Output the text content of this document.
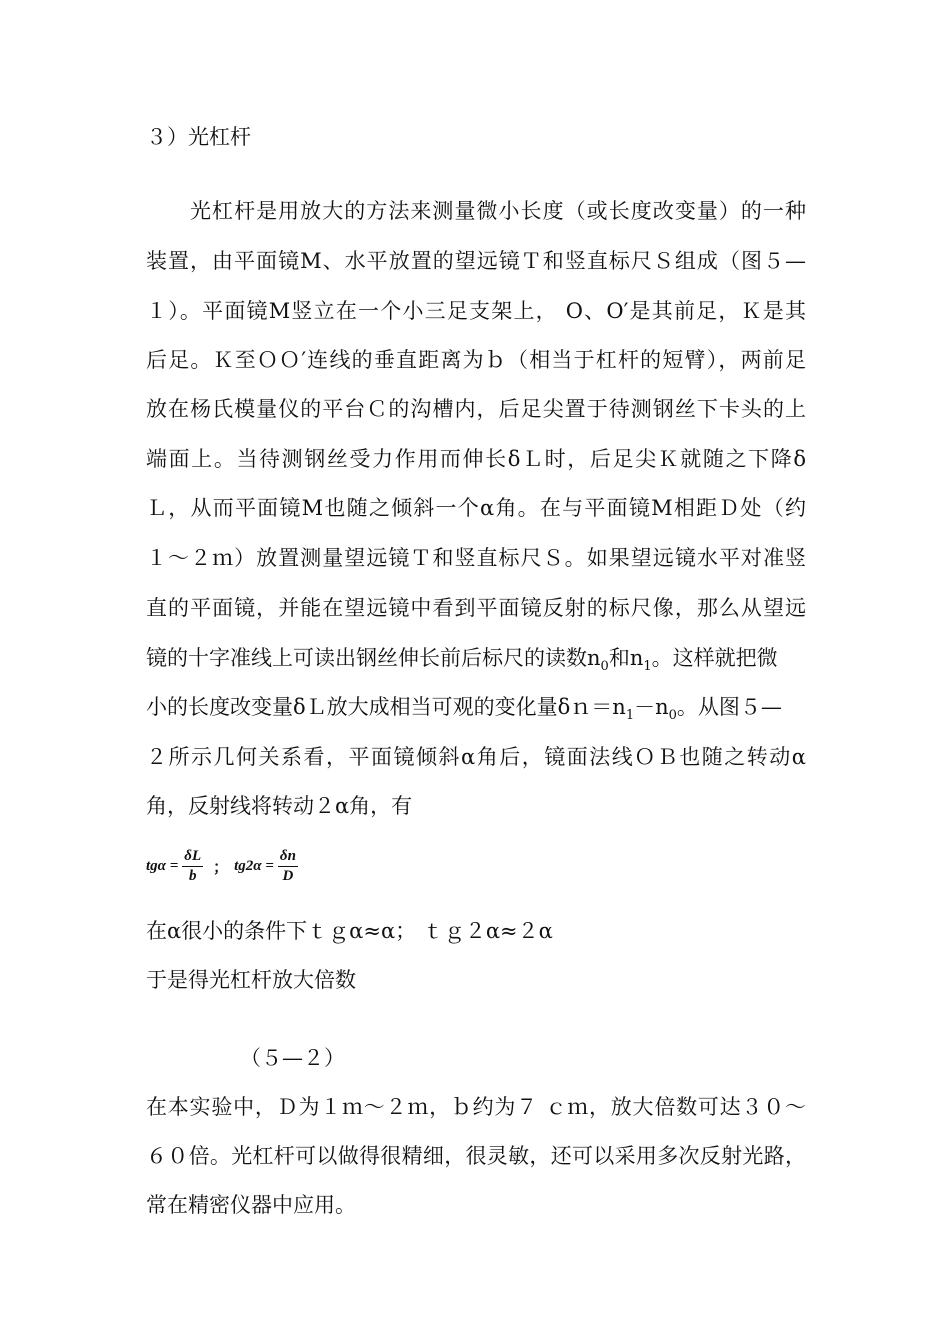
３）光杠杆
光杠杆是用放大的方法来测量微小长度（或长度改变量）的一种
装置，由平面镜M、水平放置的望远镜Ｔ和竖直标尺Ｓ组成（图５—
１）。平面镜M竖立在一个小三足支架上， O、O′是其前足，Ｋ是其
后足。Ｋ至ＯＯ′连线的垂直距离为ｂ（相当于杠杆的短臂），两前足
放在杨氏模量仪的平台Ｃ的沟槽内，后足尖置于待测钢丝下卡头的上
端面上。当待测钢丝受力作用而伸长δＬ时，后足尖Ｋ就随之下降δ
Ｌ，从而平面镜M也随之倾斜一个α角。在与平面镜M相距Ｄ处（约
１～２ｍ）放置测量望远镜Ｔ和竖直标尺Ｓ。如果望远镜水平对准竖
直的平面镜，并能在望远镜中看到平面镜反射的标尺像，那么从望远
镜的十字准线上可读出钢丝伸长前后标尺的读数$n_0$和$n_1$。这样就把微
小的长度改变量δＬ放大成相当可观的变化量$\delta n=n_1-n_0$。从图５—
２所示几何关系看，平面镜倾斜α角后，镜面法线ＯＢ也随之转动α
角，反射线将转动２α角，有
$tg\alpha = \frac{\delta L}{b}$ ； $tg2\alpha = \frac{\delta n}{D}$
在α很小的条件下ｔｇα≈α； ｔｇ２α≈２α
于是得光杠杆放大倍数
（５—２）
在本实验中，Ｄ为１ｍ～２ｍ，ｂ约为７ ｃｍ，放大倍数可达３０～
６０倍。光杠杆可以做得很精细，很灵敏，还可以采用多次反射光路，
常在精密仪器中应用。
